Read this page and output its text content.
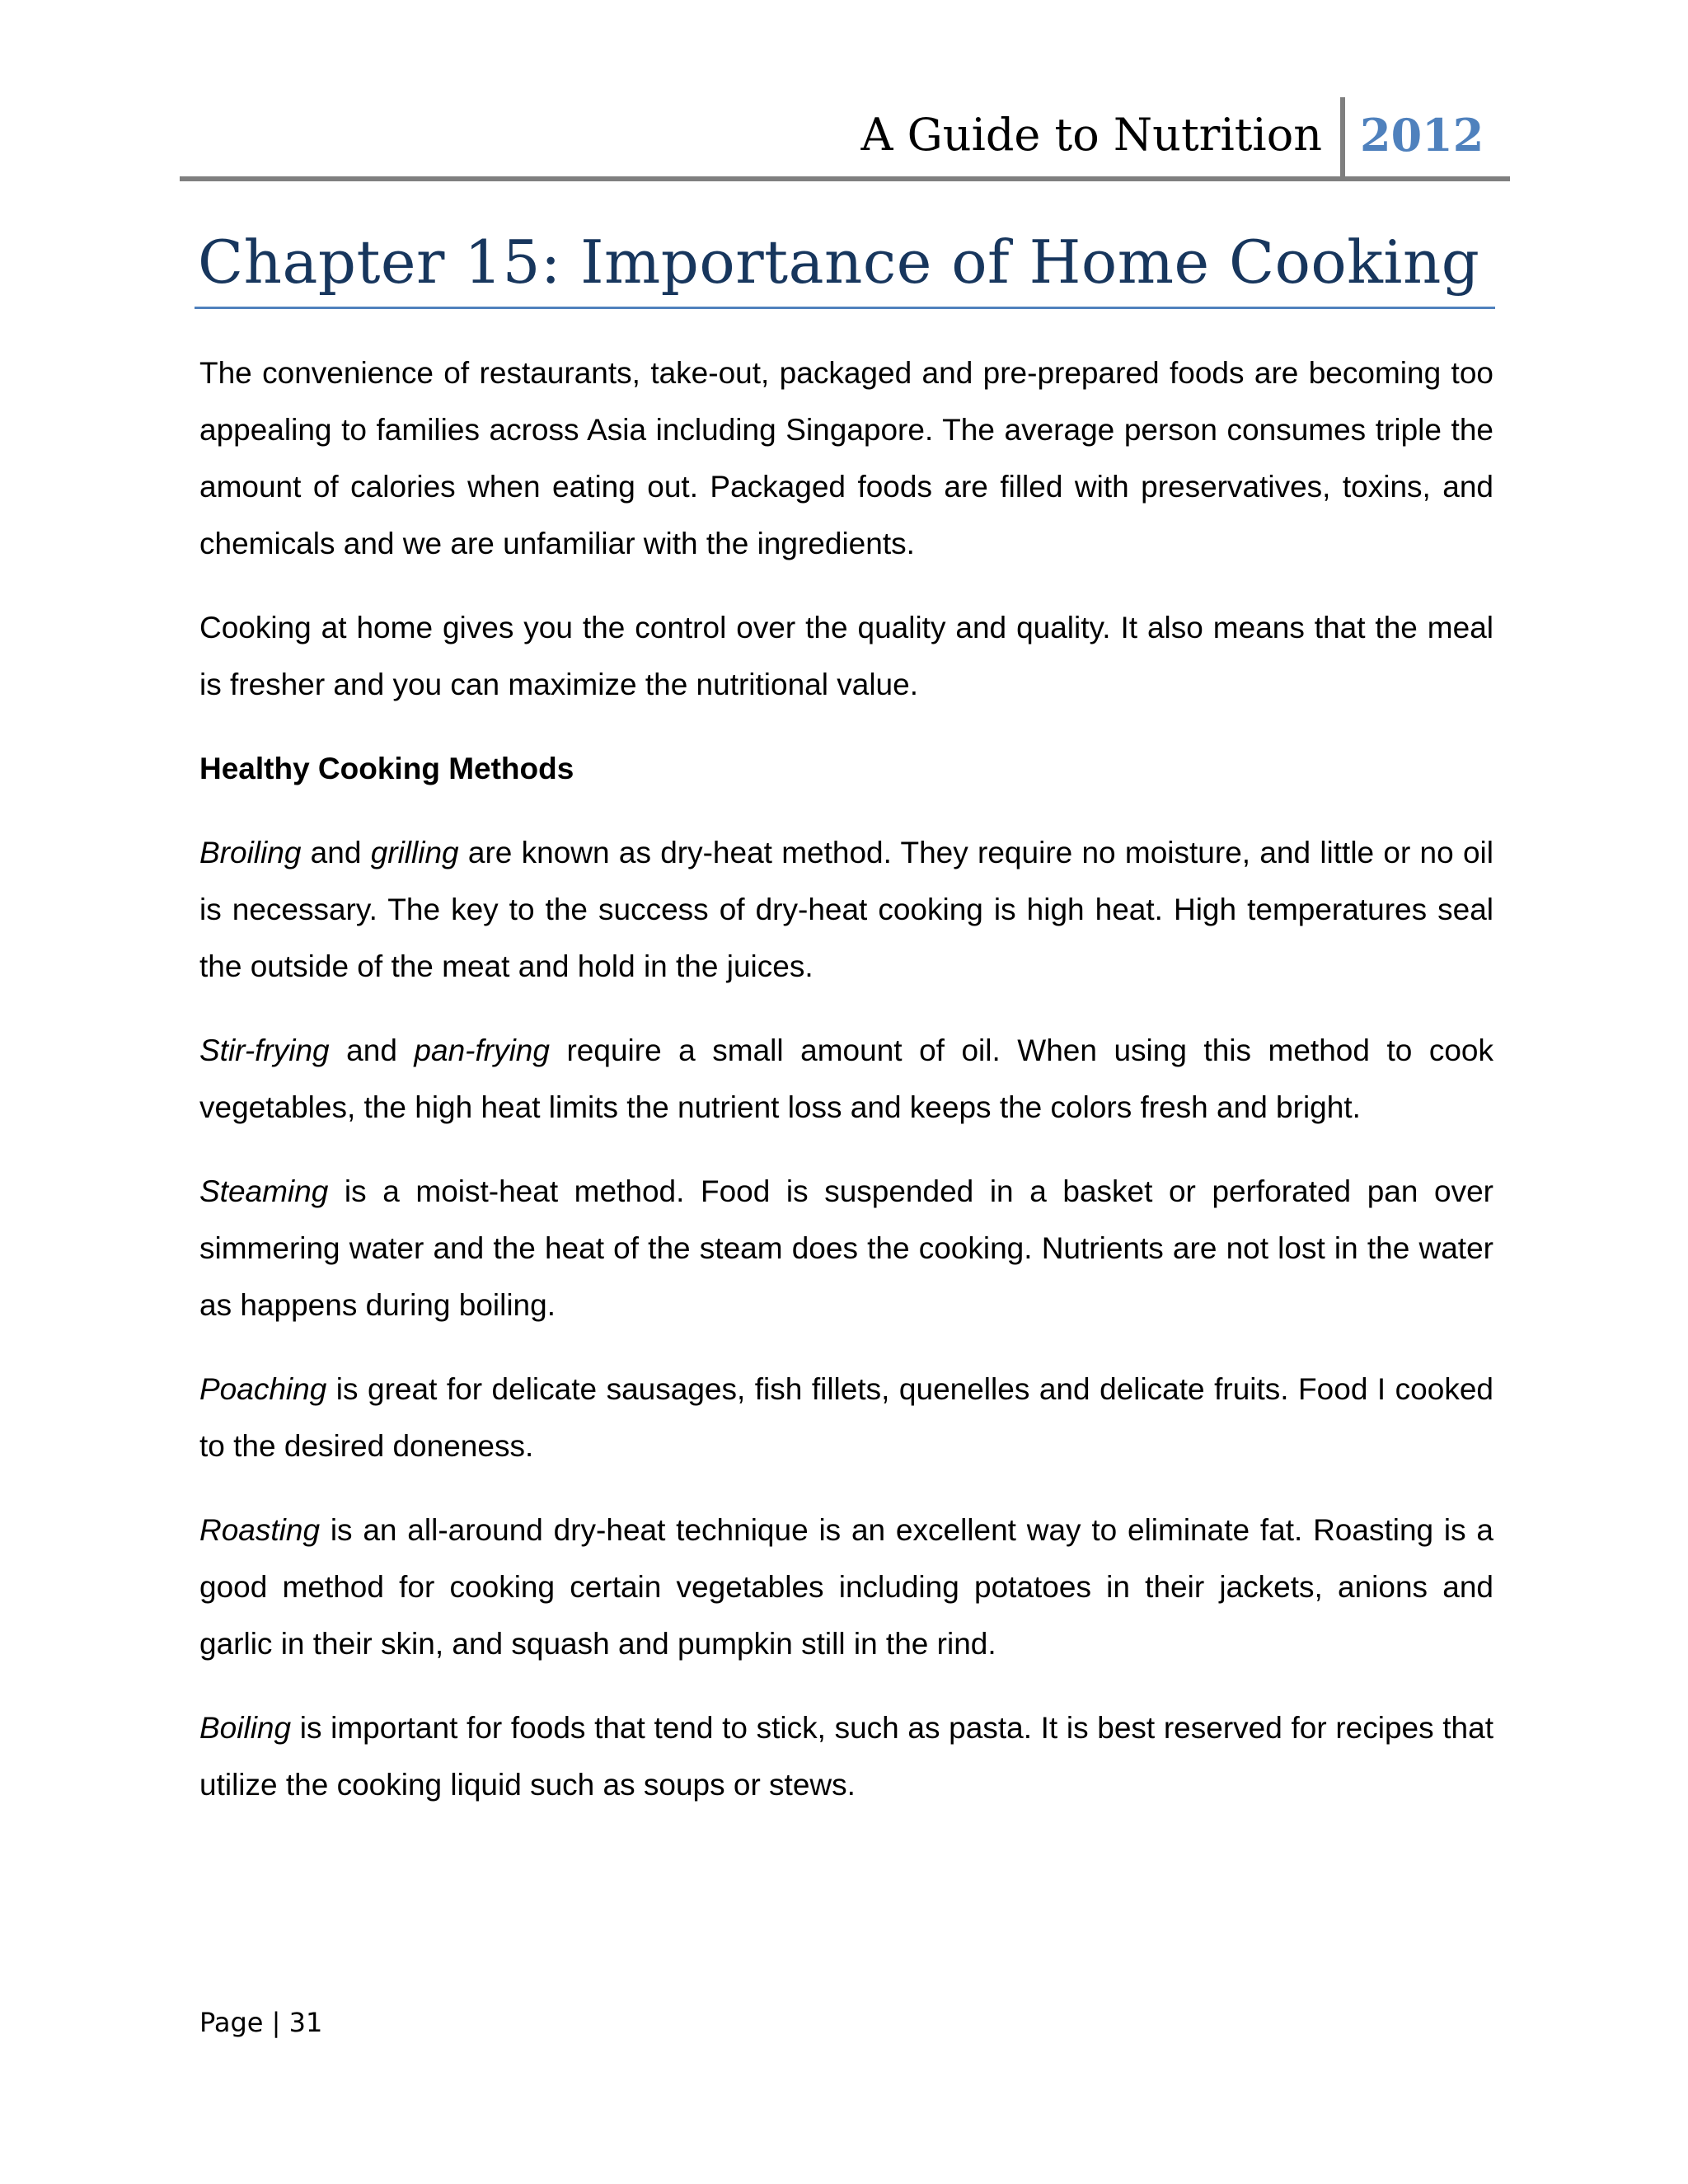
A Guide to Nutrition 2012
Chapter 15: Importance of Home Cooking

The convenience of restaurants, take-out, packaged and pre-prepared foods are becoming too appealing to families across Asia including Singapore. The average person consumes triple the amount of calories when eating out. Packaged foods are filled with preservatives, toxins, and chemicals and we are unfamiliar with the ingredients.

Cooking at home gives you the control over the quality and quality. It also means that the meal is fresher and you can maximize the nutritional value.

Healthy Cooking Methods

Broiling and grilling are known as dry-heat method. They require no moisture, and little or no oil is necessary. The key to the success of dry-heat cooking is high heat. High temperatures seal the outside of the meat and hold in the juices.

Stir-frying and pan-frying require a small amount of oil. When using this method to cook vegetables, the high heat limits the nutrient loss and keeps the colors fresh and bright.

Steaming is a moist-heat method. Food is suspended in a basket or perforated pan over simmering water and the heat of the steam does the cooking. Nutrients are not lost in the water as happens during boiling.

Poaching is great for delicate sausages, fish fillets, quenelles and delicate fruits. Food I cooked to the desired doneness.

Roasting is an all-around dry-heat technique is an excellent way to eliminate fat. Roasting is a good method for cooking certain vegetables including potatoes in their jackets, anions and garlic in their skin, and squash and pumpkin still in the rind.

Boiling is important for foods that tend to stick, such as pasta. It is best reserved for recipes that utilize the cooking liquid such as soups or stews.

Page | 31
